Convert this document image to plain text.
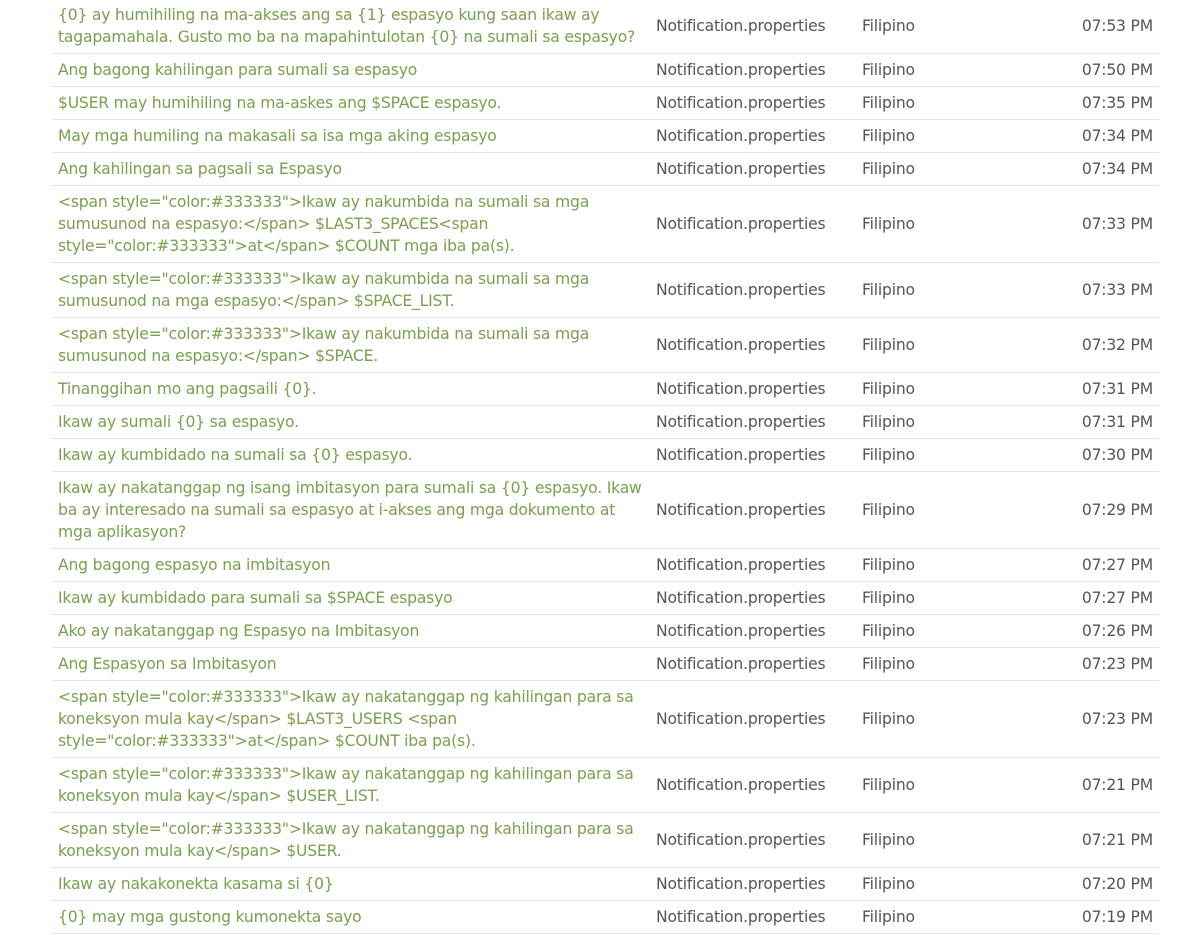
{0} ay humihiling na ma-akses ang sa {1} espasyo kung saan ikaw ay tagapamahala. Gusto mo ba na mapahintulotan {0} na sumali sa espasyo?	Notification.properties	Filipino	07:53 PM
Ang bagong kahilingan para sumali sa espasyo	Notification.properties	Filipino	07:50 PM
$USER may humihiling na ma-askes ang $SPACE espasyo.	Notification.properties	Filipino	07:35 PM
May mga humiling na makasali sa isa mga aking espasyo	Notification.properties	Filipino	07:34 PM
Ang kahilingan sa pagsali sa Espasyo	Notification.properties	Filipino	07:34 PM
<span style="color:#333333">Ikaw ay nakumbida na sumali sa mga sumusunod na espasyo:</span> $LAST3_SPACES<span style="color:#333333">at</span> $COUNT mga iba pa(s).	Notification.properties	Filipino	07:33 PM
<span style="color:#333333">Ikaw ay nakumbida na sumali sa mga sumusunod na mga espasyo:</span> $SPACE_LIST.	Notification.properties	Filipino	07:33 PM
<span style="color:#333333">Ikaw ay nakumbida na sumali sa mga sumusunod na espasyo:</span> $SPACE.	Notification.properties	Filipino	07:32 PM
Tinanggihan mo ang pagsaili {0}.	Notification.properties	Filipino	07:31 PM
Ikaw ay sumali {0} sa espasyo.	Notification.properties	Filipino	07:31 PM
Ikaw ay kumbidado na sumali sa {0} espasyo.	Notification.properties	Filipino	07:30 PM
Ikaw ay nakatanggap ng isang imbitasyon para sumali sa {0} espasyo. Ikaw ba ay interesado na sumali sa espasyo at i-akses ang mga dokumento at mga aplikasyon?	Notification.properties	Filipino	07:29 PM
Ang bagong espasyo na imbitasyon	Notification.properties	Filipino	07:27 PM
Ikaw ay kumbidado para sumali sa $SPACE espasyo	Notification.properties	Filipino	07:27 PM
Ako ay nakatanggap ng Espasyo na Imbitasyon	Notification.properties	Filipino	07:26 PM
Ang Espasyon sa Imbitasyon	Notification.properties	Filipino	07:23 PM
<span style="color:#333333">Ikaw ay nakatanggap ng kahilingan para sa koneksyon mula kay</span> $LAST3_USERS <span style="color:#333333">at</span> $COUNT iba pa(s).	Notification.properties	Filipino	07:23 PM
<span style="color:#333333">Ikaw ay nakatanggap ng kahilingan para sa koneksyon mula kay</span> $USER_LIST.	Notification.properties	Filipino	07:21 PM
<span style="color:#333333">Ikaw ay nakatanggap ng kahilingan para sa koneksyon mula kay</span> $USER.	Notification.properties	Filipino	07:21 PM
Ikaw ay nakakonekta kasama si {0}	Notification.properties	Filipino	07:20 PM
{0} may mga gustong kumonekta sayo	Notification.properties	Filipino	07:19 PM
